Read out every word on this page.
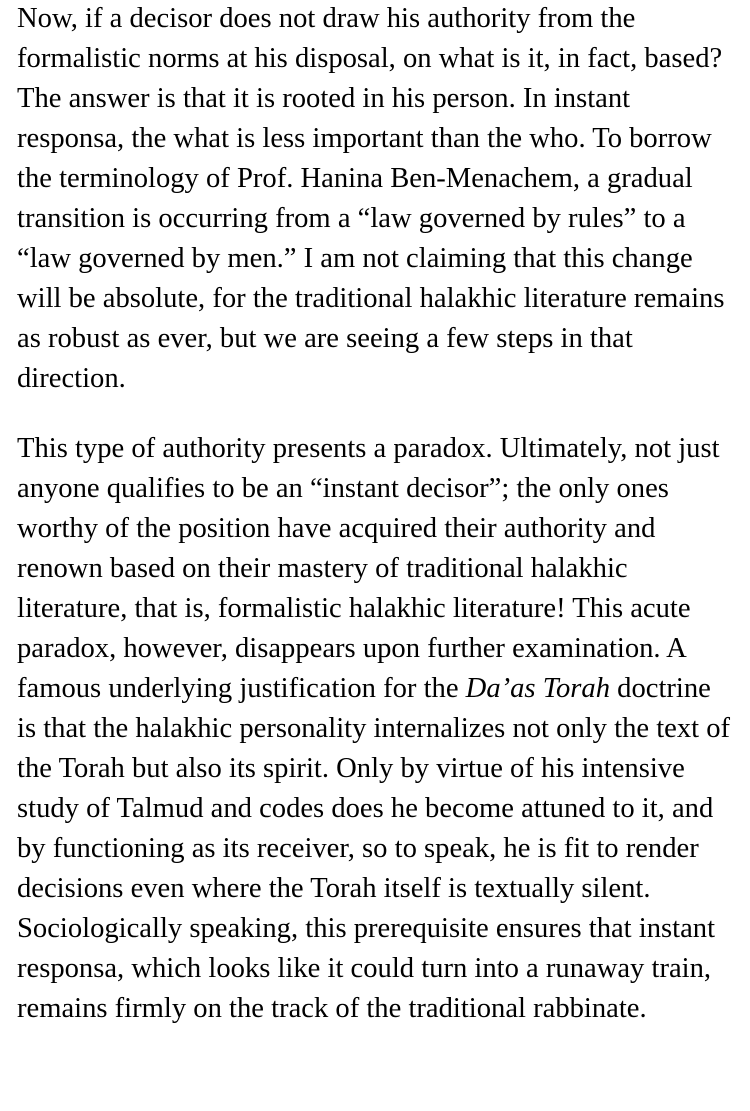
Now, if a decisor does not draw his authority from the formalistic norms at his disposal, on what is it, in fact, based? The answer is that it is rooted in his person. In instant responsa, the what is less important than the who. To borrow the terminology of Prof. Hanina Ben-Menachem, a gradual transition is occurring from a “law governed by rules” to a “law governed by men.” I am not claiming that this change will be absolute, for the traditional halakhic literature remains as robust as ever, but we are seeing a few steps in that direction.

This type of authority presents a paradox. Ultimately, not just anyone qualifies to be an “instant decisor”; the only ones worthy of the position have acquired their authority and renown based on their mastery of traditional halakhic literature, that is, formalistic halakhic literature! This acute paradox, however, disappears upon further examination. A famous underlying justification for the Da’as Torah doctrine is that the halakhic personality internalizes not only the text of the Torah but also its spirit. Only by virtue of his intensive study of Talmud and codes does he become attuned to it, and by functioning as its receiver, so to speak, he is fit to render decisions even where the Torah itself is textually silent. Sociologically speaking, this prerequisite ensures that instant responsa, which looks like it could turn into a runaway train, remains firmly on the track of the traditional rabbinate.
